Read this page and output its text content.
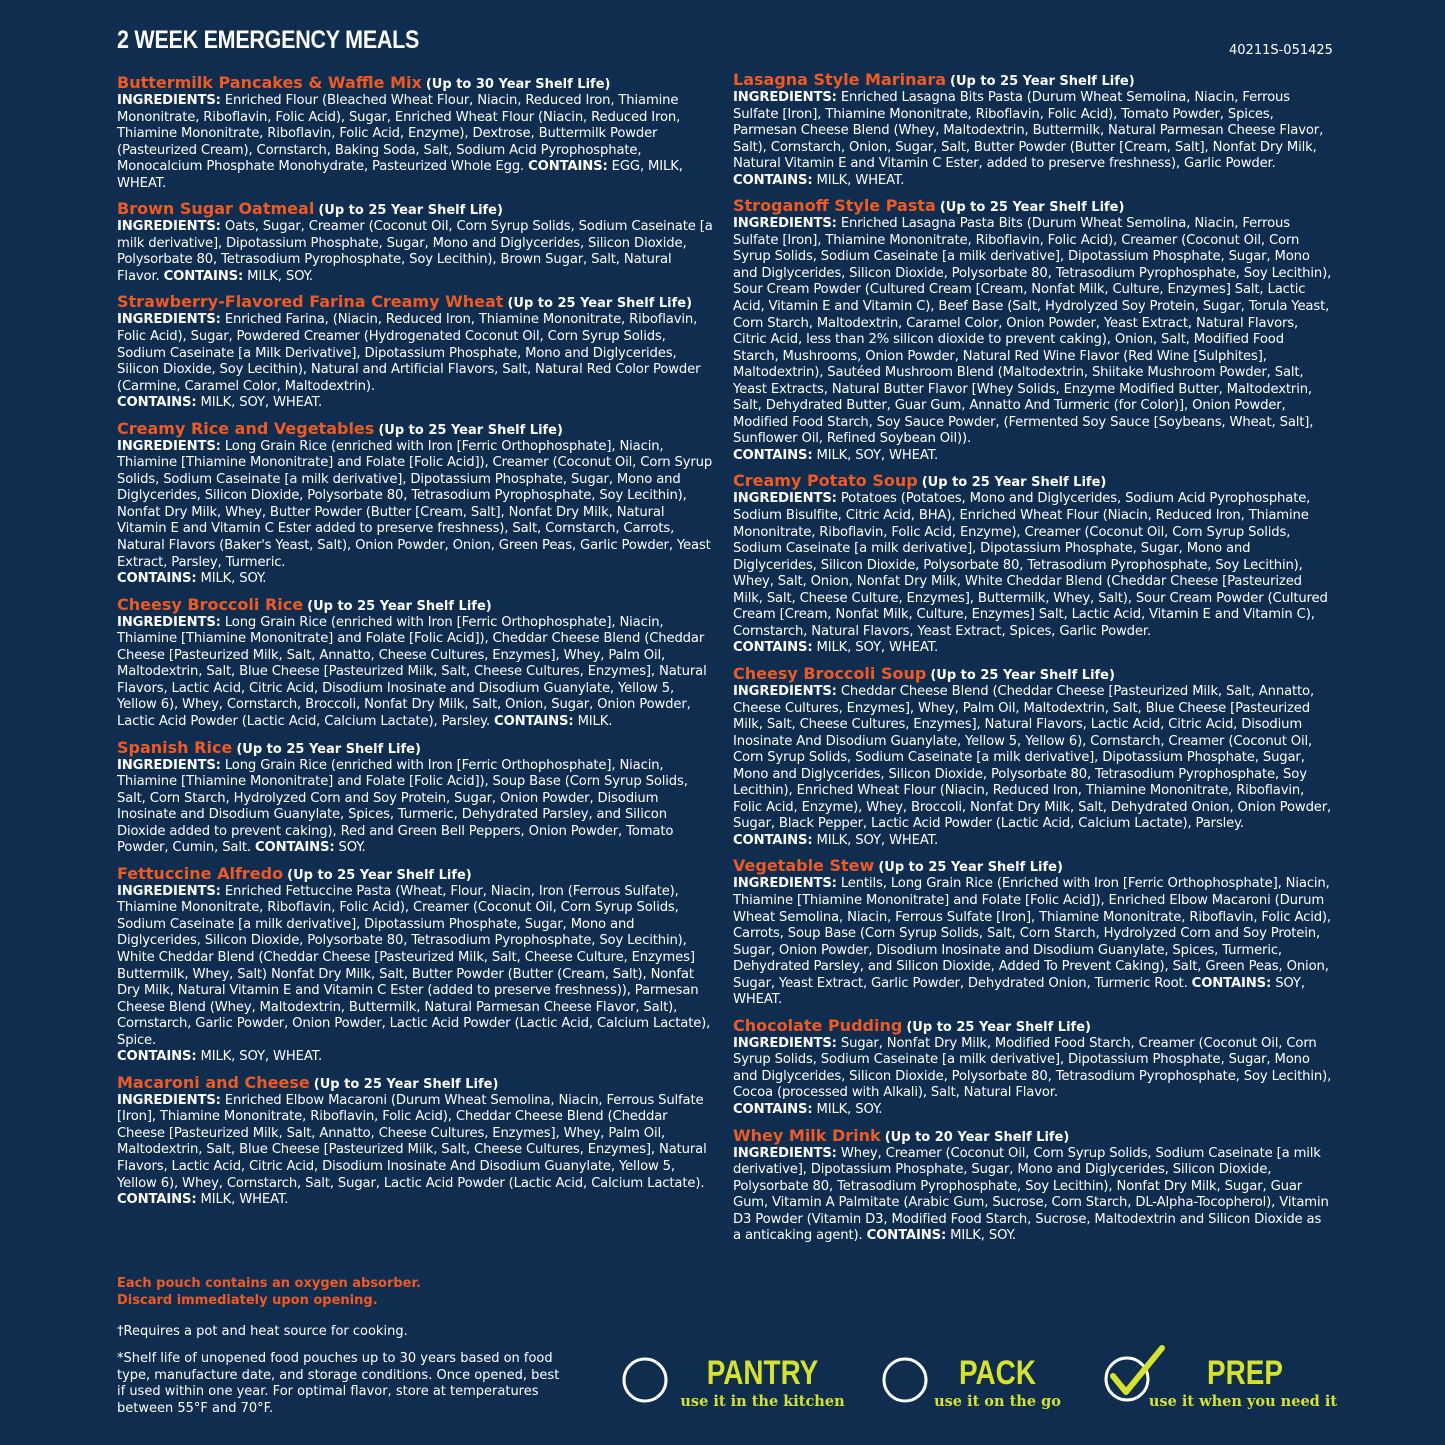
2 WEEK EMERGENCY MEALS	40211S-051425
Buttermilk Pancakes & Waffle Mix (Up to 30 Year Shelf Life)
INGREDIENTS: Enriched Flour (Bleached Wheat Flour, Niacin, Reduced Iron, Thiamine Mononitrate, Riboflavin, Folic Acid), Sugar, Enriched Wheat Flour (Niacin, Reduced Iron, Thiamine Mononitrate, Riboflavin, Folic Acid, Enzyme), Dextrose, Buttermilk Powder (Pasteurized Cream), Cornstarch, Baking Soda, Salt, Sodium Acid Pyrophosphate, Monocalcium Phosphate Monohydrate, Pasteurized Whole Egg. CONTAINS: EGG, MILK, WHEAT.
Brown Sugar Oatmeal (Up to 25 Year Shelf Life)
INGREDIENTS: Oats, Sugar, Creamer (Coconut Oil, Corn Syrup Solids, Sodium Caseinate [a milk derivative], Dipotassium Phosphate, Sugar, Mono and Diglycerides, Silicon Dioxide, Polysorbate 80, Tetrasodium Pyrophosphate, Soy Lecithin), Brown Sugar, Salt, Natural Flavor. CONTAINS: MILK, SOY.
Strawberry-Flavored Farina Creamy Wheat (Up to 25 Year Shelf Life)
INGREDIENTS: Enriched Farina, (Niacin, Reduced Iron, Thiamine Mononitrate, Riboflavin, Folic Acid), Sugar, Powdered Creamer (Hydrogenated Coconut Oil, Corn Syrup Solids, Sodium Caseinate [a Milk Derivative], Dipotassium Phosphate, Mono and Diglycerides, Silicon Dioxide, Soy Lecithin), Natural and Artificial Flavors, Salt, Natural Red Color Powder (Carmine, Caramel Color, Maltodextrin).
CONTAINS: MILK, SOY, WHEAT.
Creamy Rice and Vegetables (Up to 25 Year Shelf Life)
INGREDIENTS: Long Grain Rice (enriched with Iron [Ferric Orthophosphate], Niacin, Thiamine [Thiamine Mononitrate] and Folate [Folic Acid]), Creamer (Coconut Oil, Corn Syrup Solids, Sodium Caseinate [a milk derivative], Dipotassium Phosphate, Sugar, Mono and Diglycerides, Silicon Dioxide, Polysorbate 80, Tetrasodium Pyrophosphate, Soy Lecithin), Nonfat Dry Milk, Whey, Butter Powder (Butter [Cream, Salt], Nonfat Dry Milk, Natural Vitamin E and Vitamin C Ester added to preserve freshness), Salt, Cornstarch, Carrots, Natural Flavors (Baker's Yeast, Salt), Onion Powder, Onion, Green Peas, Garlic Powder, Yeast Extract, Parsley, Turmeric.
CONTAINS: MILK, SOY.
Cheesy Broccoli Rice (Up to 25 Year Shelf Life)
INGREDIENTS: Long Grain Rice (enriched with Iron [Ferric Orthophosphate], Niacin, Thiamine [Thiamine Mononitrate] and Folate [Folic Acid]), Cheddar Cheese Blend (Cheddar Cheese [Pasteurized Milk, Salt, Annatto, Cheese Cultures, Enzymes], Whey, Palm Oil, Maltodextrin, Salt, Blue Cheese [Pasteurized Milk, Salt, Cheese Cultures, Enzymes], Natural Flavors, Lactic Acid, Citric Acid, Disodium Inosinate and Disodium Guanylate, Yellow 5, Yellow 6), Whey, Cornstarch, Broccoli, Nonfat Dry Milk, Salt, Onion, Sugar, Onion Powder, Lactic Acid Powder (Lactic Acid, Calcium Lactate), Parsley. CONTAINS: MILK.
Spanish Rice (Up to 25 Year Shelf Life)
INGREDIENTS: Long Grain Rice (enriched with Iron [Ferric Orthophosphate], Niacin, Thiamine [Thiamine Mononitrate] and Folate [Folic Acid]), Soup Base (Corn Syrup Solids, Salt, Corn Starch, Hydrolyzed Corn and Soy Protein, Sugar, Onion Powder, Disodium Inosinate and Disodium Guanylate, Spices, Turmeric, Dehydrated Parsley, and Silicon Dioxide added to prevent caking), Red and Green Bell Peppers, Onion Powder, Tomato Powder, Cumin, Salt. CONTAINS: SOY.
Fettuccine Alfredo (Up to 25 Year Shelf Life)
INGREDIENTS: Enriched Fettuccine Pasta (Wheat, Flour, Niacin, Iron (Ferrous Sulfate), Thiamine Mononitrate, Riboflavin, Folic Acid), Creamer (Coconut Oil, Corn Syrup Solids, Sodium Caseinate [a milk derivative], Dipotassium Phosphate, Sugar, Mono and Diglycerides, Silicon Dioxide, Polysorbate 80, Tetrasodium Pyrophosphate, Soy Lecithin), White Cheddar Blend (Cheddar Cheese [Pasteurized Milk, Salt, Cheese Culture, Enzymes] Buttermilk, Whey, Salt) Nonfat Dry Milk, Salt, Butter Powder (Butter (Cream, Salt), Nonfat Dry Milk, Natural Vitamin E and Vitamin C Ester (added to preserve freshness)), Parmesan Cheese Blend (Whey, Maltodextrin, Buttermilk, Natural Parmesan Cheese Flavor, Salt), Cornstarch, Garlic Powder, Onion Powder, Lactic Acid Powder (Lactic Acid, Calcium Lactate), Spice.
CONTAINS: MILK, SOY, WHEAT.
Macaroni and Cheese (Up to 25 Year Shelf Life)
INGREDIENTS: Enriched Elbow Macaroni (Durum Wheat Semolina, Niacin, Ferrous Sulfate [Iron], Thiamine Mononitrate, Riboflavin, Folic Acid), Cheddar Cheese Blend (Cheddar Cheese [Pasteurized Milk, Salt, Annatto, Cheese Cultures, Enzymes], Whey, Palm Oil, Maltodextrin, Salt, Blue Cheese [Pasteurized Milk, Salt, Cheese Cultures, Enzymes], Natural Flavors, Lactic Acid, Citric Acid, Disodium Inosinate And Disodium Guanylate, Yellow 5, Yellow 6), Whey, Cornstarch, Salt, Sugar, Lactic Acid Powder (Lactic Acid, Calcium Lactate). CONTAINS: MILK, WHEAT.
Lasagna Style Marinara (Up to 25 Year Shelf Life)
INGREDIENTS: Enriched Lasagna Bits Pasta (Durum Wheat Semolina, Niacin, Ferrous Sulfate [Iron], Thiamine Mononitrate, Riboflavin, Folic Acid), Tomato Powder, Spices, Parmesan Cheese Blend (Whey, Maltodextrin, Buttermilk, Natural Parmesan Cheese Flavor, Salt), Cornstarch, Onion, Sugar, Salt, Butter Powder (Butter [Cream, Salt], Nonfat Dry Milk, Natural Vitamin E and Vitamin C Ester, added to preserve freshness), Garlic Powder. CONTAINS: MILK, WHEAT.
Stroganoff Style Pasta (Up to 25 Year Shelf Life)
INGREDIENTS: Enriched Lasagna Pasta Bits (Durum Wheat Semolina, Niacin, Ferrous Sulfate [Iron], Thiamine Mononitrate, Riboflavin, Folic Acid), Creamer (Coconut Oil, Corn Syrup Solids, Sodium Caseinate [a milk derivative], Dipotassium Phosphate, Sugar, Mono and Diglycerides, Silicon Dioxide, Polysorbate 80, Tetrasodium Pyrophosphate, Soy Lecithin), Sour Cream Powder (Cultured Cream [Cream, Nonfat Milk, Culture, Enzymes] Salt, Lactic Acid, Vitamin E and Vitamin C), Beef Base (Salt, Hydrolyzed Soy Protein, Sugar, Torula Yeast, Corn Starch, Maltodextrin, Caramel Color, Onion Powder, Yeast Extract, Natural Flavors, Citric Acid, less than 2% silicon dioxide to prevent caking), Onion, Salt, Modified Food Starch, Mushrooms, Onion Powder, Natural Red Wine Flavor (Red Wine [Sulphites], Maltodextrin), Sautéed Mushroom Blend (Maltodextrin, Shiitake Mushroom Powder, Salt, Yeast Extracts, Natural Butter Flavor [Whey Solids, Enzyme Modified Butter, Maltodextrin, Salt, Dehydrated Butter, Guar Gum, Annatto And Turmeric (for Color)], Onion Powder, Modified Food Starch, Soy Sauce Powder, (Fermented Soy Sauce [Soybeans, Wheat, Salt], Sunflower Oil, Refined Soybean Oil)).
CONTAINS: MILK, SOY, WHEAT.
Creamy Potato Soup (Up to 25 Year Shelf Life)
INGREDIENTS: Potatoes (Potatoes, Mono and Diglycerides, Sodium Acid Pyrophosphate, Sodium Bisulfite, Citric Acid, BHA), Enriched Wheat Flour (Niacin, Reduced Iron, Thiamine Mononitrate, Riboflavin, Folic Acid, Enzyme), Creamer (Coconut Oil, Corn Syrup Solids, Sodium Caseinate [a milk derivative], Dipotassium Phosphate, Sugar, Mono and Diglycerides, Silicon Dioxide, Polysorbate 80, Tetrasodium Pyrophosphate, Soy Lecithin), Whey, Salt, Onion, Nonfat Dry Milk, White Cheddar Blend (Cheddar Cheese [Pasteurized Milk, Salt, Cheese Culture, Enzymes], Buttermilk, Whey, Salt), Sour Cream Powder (Cultured Cream [Cream, Nonfat Milk, Culture, Enzymes] Salt, Lactic Acid, Vitamin E and Vitamin C), Cornstarch, Natural Flavors, Yeast Extract, Spices, Garlic Powder.
CONTAINS: MILK, SOY, WHEAT.
Cheesy Broccoli Soup (Up to 25 Year Shelf Life)
INGREDIENTS: Cheddar Cheese Blend (Cheddar Cheese [Pasteurized Milk, Salt, Annatto, Cheese Cultures, Enzymes], Whey, Palm Oil, Maltodextrin, Salt, Blue Cheese [Pasteurized Milk, Salt, Cheese Cultures, Enzymes], Natural Flavors, Lactic Acid, Citric Acid, Disodium Inosinate And Disodium Guanylate, Yellow 5, Yellow 6), Cornstarch, Creamer (Coconut Oil, Corn Syrup Solids, Sodium Caseinate [a milk derivative], Dipotassium Phosphate, Sugar, Mono and Diglycerides, Silicon Dioxide, Polysorbate 80, Tetrasodium Pyrophosphate, Soy Lecithin), Enriched Wheat Flour (Niacin, Reduced Iron, Thiamine Mononitrate, Riboflavin, Folic Acid, Enzyme), Whey, Broccoli, Nonfat Dry Milk, Salt, Dehydrated Onion, Onion Powder, Sugar, Black Pepper, Lactic Acid Powder (Lactic Acid, Calcium Lactate), Parsley.
CONTAINS: MILK, SOY, WHEAT.
Vegetable Stew (Up to 25 Year Shelf Life)
INGREDIENTS: Lentils, Long Grain Rice (Enriched with Iron [Ferric Orthophosphate], Niacin, Thiamine [Thiamine Mononitrate] and Folate [Folic Acid]), Enriched Elbow Macaroni (Durum Wheat Semolina, Niacin, Ferrous Sulfate [Iron], Thiamine Mononitrate, Riboflavin, Folic Acid), Carrots, Soup Base (Corn Syrup Solids, Salt, Corn Starch, Hydrolyzed Corn and Soy Protein, Sugar, Onion Powder, Disodium Inosinate and Disodium Guanylate, Spices, Turmeric, Dehydrated Parsley, and Silicon Dioxide, Added To Prevent Caking), Salt, Green Peas, Onion, Sugar, Yeast Extract, Garlic Powder, Dehydrated Onion, Turmeric Root. CONTAINS: SOY, WHEAT.
Chocolate Pudding (Up to 25 Year Shelf Life)
INGREDIENTS: Sugar, Nonfat Dry Milk, Modified Food Starch, Creamer (Coconut Oil, Corn Syrup Solids, Sodium Caseinate [a milk derivative], Dipotassium Phosphate, Sugar, Mono and Diglycerides, Silicon Dioxide, Polysorbate 80, Tetrasodium Pyrophosphate, Soy Lecithin), Cocoa (processed with Alkali), Salt, Natural Flavor.
CONTAINS: MILK, SOY.
Whey Milk Drink (Up to 20 Year Shelf Life)
INGREDIENTS: Whey, Creamer (Coconut Oil, Corn Syrup Solids, Sodium Caseinate [a milk derivative], Dipotassium Phosphate, Sugar, Mono and Diglycerides, Silicon Dioxide, Polysorbate 80, Tetrasodium Pyrophosphate, Soy Lecithin), Nonfat Dry Milk, Sugar, Guar Gum, Vitamin A Palmitate (Arabic Gum, Sucrose, Corn Starch, DL-Alpha-Tocopherol), Vitamin D3 Powder (Vitamin D3, Modified Food Starch, Sucrose, Maltodextrin and Silicon Dioxide as a anticaking agent). CONTAINS: MILK, SOY.
Each pouch contains an oxygen absorber.
Discard immediately upon opening.
†Requires a pot and heat source for cooking.
*Shelf life of unopened food pouches up to 30 years based on food type, manufacture date, and storage conditions. Once opened, best if used within one year. For optimal flavor, store at temperatures between 55°F and 70°F.
PANTRY
use it in the kitchen
PACK
use it on the go
PREP
use it when you need it
